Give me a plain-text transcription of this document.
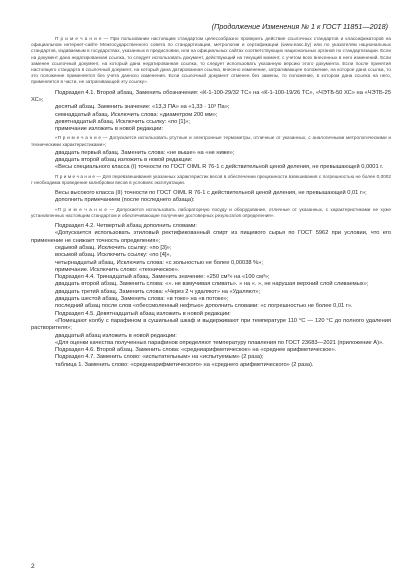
(Продолжение Изменения № 1 к ГОСТ 11851—2018)

П р и м е ч а н и е — При пользовании настоящим стандартом целесообразно проверить действие ссылочных стандартов и классификаторов на официальном интернет-сайте Межгосударственного совета по стандартизации, метрологии и сертификации (www.easc.by) или по указателям национальных стандартов, издаваемым в государствах, указанных в предисловии, или на официальных сайтах соответствующих национальных органов по стандартизации. Если на документ дана недатированная ссылка, то следует использовать документ, действующий на текущий момент, с учетом всех внесенных в него изменений. Если заменен ссылочный документ, на который дана недатированная ссылка, то следует использовать указанную версию этого документа. Если после принятия настоящего стандарта в ссылочный документ, на который дана датированная ссылка, внесено изменение, затрагивающее положение, на которое дана ссылка, то это положение применяется без учета данного изменения. Если ссылочный документ отменен без замены, то положение, в котором дана ссылка на него, применяется в части, не затрагивающей эту ссылку».

Подраздел 4.1. Второй абзац. Заменить обозначения: «К-1-100-29/32 ТС» на «К-1-100-19/26 ТС», «ЧЭТБ-50 ХС» на «ЧЭТБ-25 ХС»;

десятый абзац. Заменить значение: «13,3 ПА» на «1,33 · 10³ Па»;

семнадцатый абзац. Исключить слова: «диаметром 200 мм»;

девятнадцатый абзац. Исключить ссылку: «по [1]»;

примечание изложить в новой редакции:

«П р и м е ч а н и е — Допускается использовать ртутные и электронные термометры, отличные от указанных, с аналогичными метрологическими и техническими характеристиками»;

двадцать первый абзац. Заменить слова: «не выше» на «не ниже»;

двадцать второй абзац изложить в новой редакции:

«Весы специального класса (I) точности по ГОСТ OIML R 76-1 с действительной ценой деления, не превышающей 0,0001 г.

П р и м е ч а н и е — Для перевзвешивания указанных характеристик весов в обеспечении прецизиности взвешивания с погрешностью не более 0,0002 г необходима проведение калибровки весов в условиях эксплуатации.

Весы высокого класса (II) точности по ГОСТ OIML R 76-1 с действительной ценой деления, не превышающей 0,01 г»;

дополнить примечанием (после последнего абзаца):

«П р и м е ч а н и е — Допускается использовать лабораторную посуду и оборудование, отличные от указанных, с характеристиками не хуже установленных настоящим стандартом и обеспечивающие получение достоверных результатов определения».

Подраздел 4.2. Четвертый абзац дополнить словами:

«Допускается использовать этиловый ректификованный спирт из пищевого сырья по ГОСТ 5962 при условии, что его применение не снижает точность определения»;

седьмой абзац. Исключить ссылку: «по [3]»;

восьмой абзац. Исключить ссылку: «по [4]»,

четырнадцатый абзац. Исключить слова: «с зольностью не более 0,00038 %»;

примечание. Исключить слово: «техническое».

Подраздел 4.4. Тринадцатый абзац. Заменить значение: «250 см³» на «100 см³»;

двадцать второй абзац. Заменить слова: «». не взмучивая сливать». » на «. », не нарушая верхний слой сливаемых»;

двадцать третий абзац. Заменить слова: «Через 2 ч удаляют» на «Удаляют»;

двадцать шестой абзац. Заменить слова: «в токе» на «в потоке»;

последний абзац после слов «обессмоленный нефтью» дополнить словами: «с погрешностью не более 0,01 г».

Подраздел 4.5. Девятнадцатый абзац изложить в новой редакции:

«Помещают колбу с парафином в сушильный шкаф и выдерживают при температуре 110 °С — 120 °С до полного удаления растворителя»;

двадцатый абзац изложить в новой редакции:

«Для оценки качества полученных парафинов определяют температуру плавления по ГОСТ 23683—2021 (приложение А)».

Подраздел 4.6. Второй абзац. Заменить слова: «средниарифметическое» на «среднее арифметическое».

Подраздел 4.7. Заменить слово: «испытательным» на «испытуемым» (2 раза);

таблица 1. Заменить слово: «среднеарифметического» на «среднего арифметического» (2 раза).

2
